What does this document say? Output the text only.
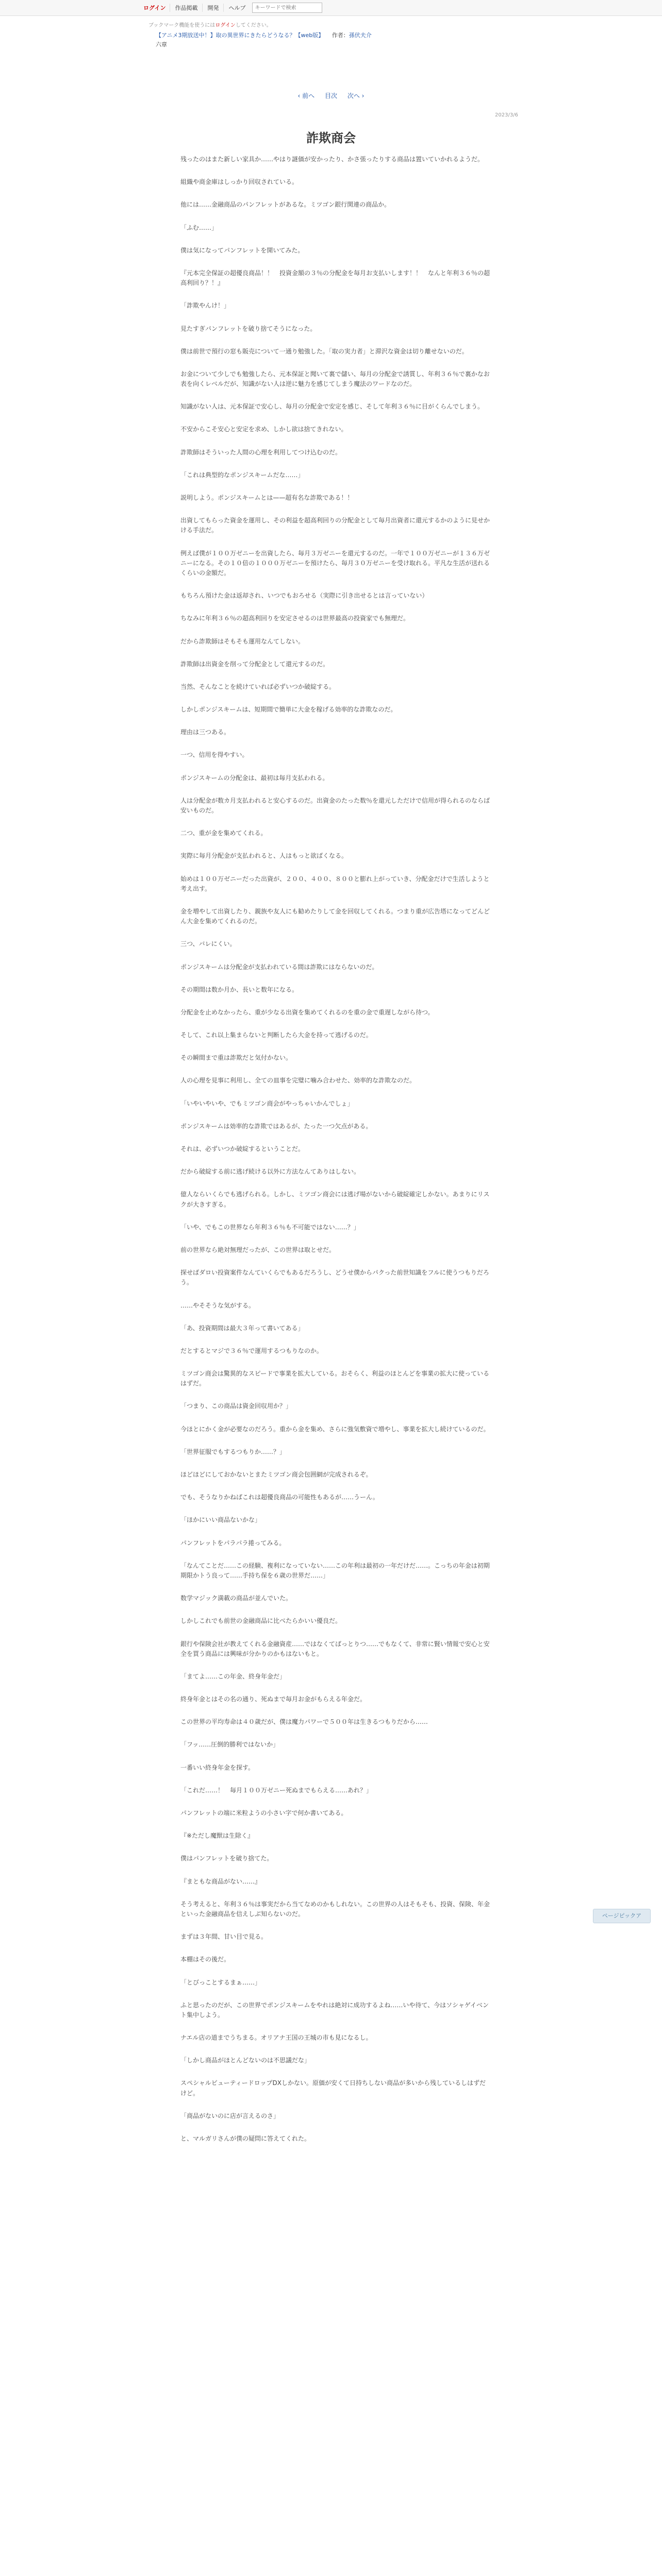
ログイン	作品掲載	開発	ヘルプ
キーワードで検索
ブックマーク機能を使うにはログインしてください。
【アニメ3期放送中！】取の異世界にきたらどうなる？【web版】 作者：孫伏夫介
六章
‹ 前へ 目次 次へ ›
2023/3/6
詐欺商会

残ったのはまた新しい家具か……やはり謎価が安かったり、かさ張ったりする商品は置いていかれるようだ。

組織や商金庫はしっかり回収されている。

他には……金融商品のパンフレットがあるな。ミツゴン銀行関連の商品か。

「ふむ……」

僕は気になってパンフレットを開いてみた。

『元本完全保証の超優良商品！！　投資金額の３％の分配金を毎月お支払いします！！　なんと年利３６％の超高利回り？！』

「詐欺やんけ！」

見たすぎパンフレットを破り捨てそうになった。

僕は前世で預行の窓も販売について一通り勉強した。「取の実力者」と滞沢な資金は切り離せないのだ。

お金について少しでも勉強したら、元本保証と聞いて裏で儲い、毎月の分配金で誘質し、年利３６％で裏かなお表を向くレベルだが、知識がない人は逆に魅力を感じてしまう魔法のワードなのだ。

知識がない人は、元本保証で安心し、毎月の分配金で安定を感じ、そして年利３６％に目がくらんでしまう。

不安からこそ安心と安定を求め、しかし欲は捨てきれない。

詐欺師はそういった人間の心理を利用してつけ込むのだ。

「これは典型的なポンジスキームだな……」

説明しよう。ポンジスキームとは——超有名な詐欺である！！

出資してもらった資金を運用し、その利益を超高利回りの分配金として毎月出資者に還元するかのように見せかける手法だ。

例えば僕が１００万ゼニーを出資したら、毎月３万ゼニーを還元するのだ。一年で１００万ゼニーが１３６万ゼニーになる。その１０倍の１０００万ゼニーを預けたら、毎月３０万ゼニーを受け取れる。平凡な生活が送れるくらいの金額だ。

もちろん預けた金は返却され、いつでもおろせる（実際に引き出せるとは言っていない）

ちなみに年利３６％の超高利回りを安定させるのは世界最高の投資家でも無理だ。

だから詐欺師はそもそも運用なんてしない。

詐欺師は出資金を削って分配金として還元するのだ。

当然、そんなことを続けていれば必ずいつか破綻する。

しかしポンジスキームは、短期間で簡単に大金を稼げる効率的な詐欺なのだ。

理由は三つある。

一つ、信用を得やすい。

ポンジスキームの分配金は、最初は毎月支払われる。

人は分配金が数カ月支払われると安心するのだ。出資金のたった数％を還元しただけで信用が得られるのならば安いものだ。

二つ、重が金を集めてくれる。

実際に毎月分配金が支払われると、人はもっと欲ばくなる。

始めは１００万ゼニーだった出資が、２００、４００、８００と膨れ上がっていき、分配金だけで生活しようと考え出す。

金を増やして出資したり、親族や友人にも勧めたりして金を回収してくれる。つまり重が広告塔になってどんどん大金を集めてくれるのだ。

三つ、バレにくい。

ポンジスキームは分配金が支払われている間は詐欺にはならないのだ。

その期間は数か月か、長いと数年になる。

分配金を止めなかったら、重が少なる出資を集めてくれるのを重の金で重遅しながら待つ。

そして、これ以上集まらないと判断したら大金を持って逃げるのだ。

その瞬間まで重は詐欺だと気付かない。

人の心理を見事に利用し、全ての皿事を完璧に噛み合わせた、効率的な詐欺なのだ。

「いやいやいや、でもミツゴン商会がやっちゃいかんでしょ」

ポンジスキームは効率的な詐欺ではあるが、たった一つ欠点がある。

それは、必ずいつか破綻するということだ。

だから破綻する前に逃げ続ける以外に方法なんてありはしない。

億人ならいくらでも逃げられる。しかし、ミツゴン商会には逃げ場がないから破綻確定しかない。あまりにリスクが大きすぎる。

「いや、でもこの世界なら年利３６％も不可能ではない……？」

前の世界なら絶対無理だったが、この世界は取とせだ。

探せばダロい投資案件なんていくらでもあるだろうし、どうせ僕からパクった前世知識をフルに使うつもりだろう。

……やそそうな気がする。

「あ、投資期間は最大３年って書いてある」

だとするとマジで３６％で運用するつもりなのか。

ミツゴン商会は驚異的なスピードで事業を拡大している。おそらく、利益のほとんどを事業の拡大に使っているはずだ。

「つまり、この商品は資金回収用か？」

今ほとにかく金が必要なのだろう。重から金を集め、さらに強気敷資で増やし、事業を拡大し続けているのだ。

「世界征服でもするつもりか……？」

ほどほどにしておかないとまたミツゴン商会包囲網が完成されるぞ。

でも、そうなりかねばこれは超優良商品の可能性もあるが……うーん。

「ほかにいい商品ないかな」

パンフレットをパラパラ捲ってみる。

「なんてことだ……この経験、複利になっていない……この年利は最初の一年だけだ……。こっちの年金は初期期限かトう良って……手持ち保を６歳の世界だ……」

数学マジック満載の商品が並んでいた。

しかしこれでも前世の金融商品に比べたらかいい優良だ。

銀行や保険会社が教えてくれる金融資産……ではなくてばっとりつ……でもなくて、非常に賢い情報で安心と安全を買う商品には興味が分かりのかもはないもと。

「まてよ……この年金、終身年金だ」

終身年金とはその名の通り、死ぬまで毎月お金がもらえる年金だ。

この世界の平均寿命は４０歳だが、僕は魔力パワーで５００年は生きるつもりだから……

「フッ……圧倒的勝利ではないか」

一番いい終身年金を探す。

「これだ……！　毎月１００万ゼニー死ぬまでもらえる……あれ？」

パンフレットの端に米粒ようの小さい字で何か書いてある。

『※ただし魔獣は生除く』

僕はパンフレットを破り捨てた。

『まともな商品がない……』

そう考えると、年利３６％は事実だから当てなめのかもしれない。この世界の人はそもそも、投資、保険、年金といった金融商品を信えしぶ知らないのだ。

まずは３年間、甘い目で見る。

本棚はその後だ。

「とびっことするまぁ……」

ふと思ったのだが、この世界でポンジスキームをやれは絶対に成功するよね……いや待て、今はソシャゲイベント集中しよう。

ナエル店の道までうちまる。オリアナ王国の王城の市も見になるし。

「しかし商品がほとんどないのは不思議だな」

スペシャルビューティードロップDXしかない。原価が安くて日持ちしない商品が多いから残しているしはずだけど。

「商品がないのに店が言えるのさ」

と、マルガリさんが僕の疑問に答えてくれた。

ページピックア
